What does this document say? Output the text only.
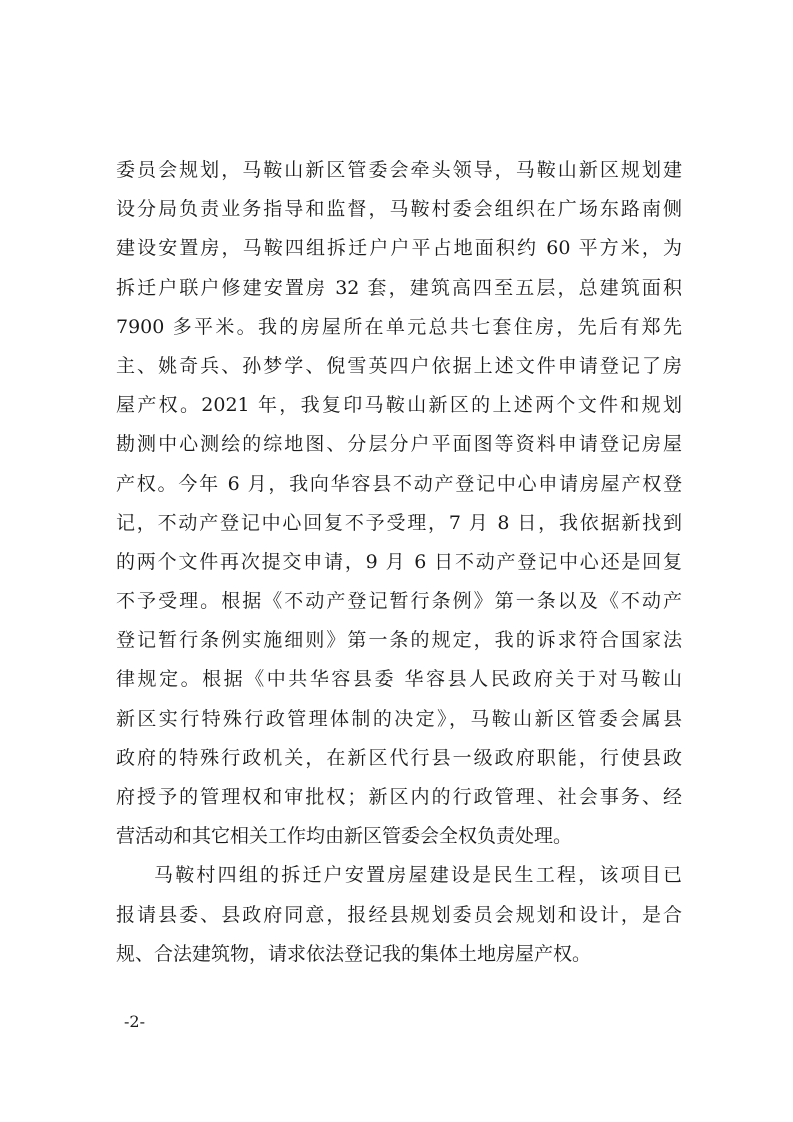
委员会规划，马鞍山新区管委会牵头领导，马鞍山新区规划建
设分局负责业务指导和监督，马鞍村委会组织在广场东路南侧
建设安置房，马鞍四组拆迁户户平占地面积约 60 平方米，为
拆迁户联户修建安置房 32 套，建筑高四至五层，总建筑面积
7900 多平米。我的房屋所在单元总共七套住房，先后有郑先
主、姚奇兵、孙梦学、倪雪英四户依据上述文件申请登记了房
屋产权。2021 年，我复印马鞍山新区的上述两个文件和规划
勘测中心测绘的综地图、分层分户平面图等资料申请登记房屋
产权。今年 6 月，我向华容县不动产登记中心申请房屋产权登
记，不动产登记中心回复不予受理，7 月 8 日，我依据新找到
的两个文件再次提交申请，9 月 6 日不动产登记中心还是回复
不予受理。根据《不动产登记暂行条例》第一条以及《不动产
登记暂行条例实施细则》第一条的规定，我的诉求符合国家法
律规定。根据《中共华容县委 华容县人民政府关于对马鞍山
新区实行特殊行政管理体制的决定》，马鞍山新区管委会属县
政府的特殊行政机关，在新区代行县一级政府职能，行使县政
府授予的管理权和审批权；新区内的行政管理、社会事务、经
营活动和其它相关工作均由新区管委会全权负责处理。
马鞍村四组的拆迁户安置房屋建设是民生工程，该项目已
报请县委、县政府同意，报经县规划委员会规划和设计，是合
规、合法建筑物，请求依法登记我的集体土地房屋产权。
-2-
